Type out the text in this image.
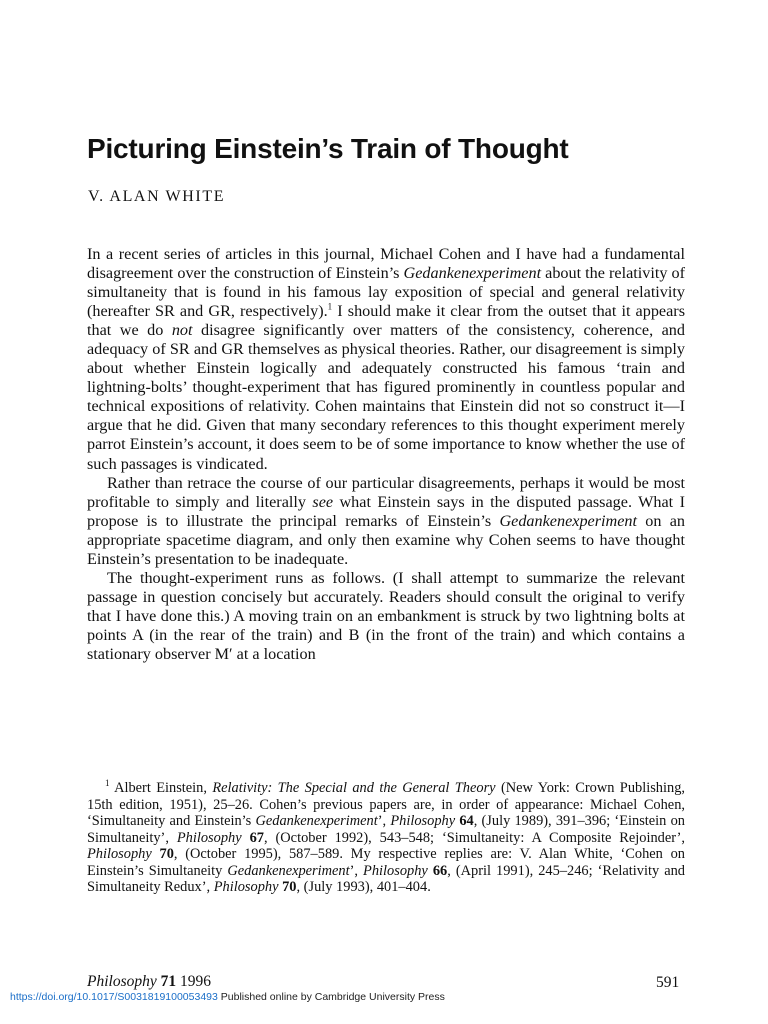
Picturing Einstein’s Train of Thought
V. ALAN WHITE

In a recent series of articles in this journal, Michael Cohen and I have had a fundamental disagreement over the construction of Einstein’s Gedankenexperiment about the relativity of simultaneity that is found in his famous lay exposition of special and general relativity (hereafter SR and GR, respectively).$^1$ I should make it clear from the outset that it appears that we do not disagree significantly over matters of the consistency, coherence, and adequacy of SR and GR themselves as physical theories. Rather, our disagreement is simply about whether Einstein logically and adequately constructed his famous ‘train and lightning-bolts’ thought-experiment that has figured prominently in countless popular and technical expositions of relativity. Cohen maintains that Einstein did not so construct it—I argue that he did. Given that many secondary references to this thought experiment merely parrot Einstein’s account, it does seem to be of some importance to know whether the use of such passages is vindicated.

Rather than retrace the course of our particular disagreements, perhaps it would be most profitable to simply and literally see what Einstein says in the disputed passage. What I propose is to illustrate the principal remarks of Einstein’s Gedankenexperiment on an appropriate spacetime diagram, and only then examine why Cohen seems to have thought Einstein’s presentation to be inadequate.

The thought-experiment runs as follows. (I shall attempt to summarize the relevant passage in question concisely but accurately. Readers should consult the original to verify that I have done this.) A moving train on an embankment is struck by two lightning bolts at points A (in the rear of the train) and B (in the front of the train) and which contains a stationary observer M′ at a location

$^1$ Albert Einstein, Relativity: The Special and the General Theory (New York: Crown Publishing, 15th edition, 1951), 25–26. Cohen’s previous papers are, in order of appearance: Michael Cohen, ‘Simultaneity and Einstein’s Gedankenexperiment’, Philosophy 64, (July 1989), 391–396; ‘Einstein on Simultaneity’, Philosophy 67, (October 1992), 543–548; ‘Simultaneity: A Composite Rejoinder’, Philosophy 70, (October 1995), 587–589. My respective replies are: V. Alan White, ‘Cohen on Einstein’s Simultaneity Gedankenexperiment’, Philosophy 66, (April 1991), 245–246; ‘Relativity and Simultaneity Redux’, Philosophy 70, (July 1993), 401–404.

Philosophy 71 1996	591
https://doi.org/10.1017/S0031819100053493 Published online by Cambridge University Press
